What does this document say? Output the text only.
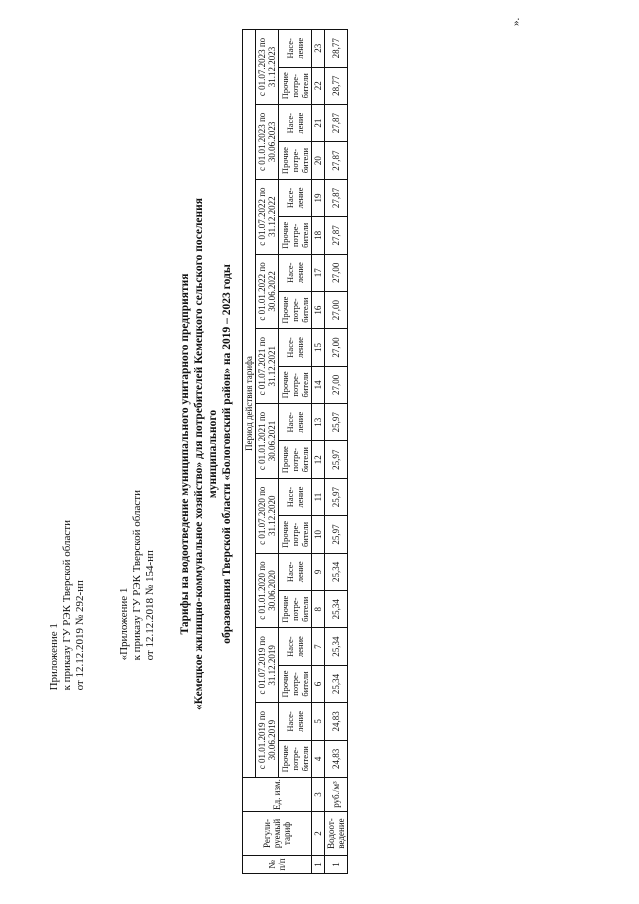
Приложение 1 к приказу ГУ РЭК Тверской области от 12.12.2019 № 292-нп	«Приложение 1 к приказу ГУ РЭК Тверской области от 12.12.2018 № 154-нп Тарифы на водоотведение муниципального унитарного предприятия «Кемецкое жилищно-коммунальное хозяйство» для потребителей Кемецкого сельского поселения муниципального образования Тверской области «Бологовский район» на 2019 – 2023 годы
№ п/п	Регули-руемый тариф	Ед. изм.	Период действия тарифа																			
			с 01.01.2019 по 30.06.2019		с 01.07.2019 по 31.12.2019		с 01.01.2020 по 30.06.2020		с 01.07.2020 по 31.12.2020		с 01.01.2021 по 30.06.2021		с 01.07.2021 по 31.12.2021		с 01.01.2022 по 30.06.2022		с 01.07.2022 по 31.12.2022		с 01.01.2023 по 30.06.2023		с 01.07.2023 по 31.12.2023	
			Прочие потре-бители	Насе-ление	Прочие потре-бители	Насе-ление	Прочие потре-бители	Насе-ление	Прочие потре-бители	Насе-ление	Прочие потре-бители	Насе-ление	Прочие потре-бители	Насе-ление	Прочие потре-бители	Насе-ление	Прочие потре-бители	Насе-ление	Прочие потре-бители	Насе-ление	Прочие потре-бители	Насе-ление
1	2	3	4	5	6	7	8	9	10	11	12	13	14	15	16	17	18	19	20	21	22	23
1	Водоот-ведение	руб./м³	24,83	24,83	25,34	25,34	25,34	25,34	25,97	25,97	25,97	25,97	27,00	27,00	27,00	27,00	27,87	27,87	27,87	27,87	28,77	28,77
».
